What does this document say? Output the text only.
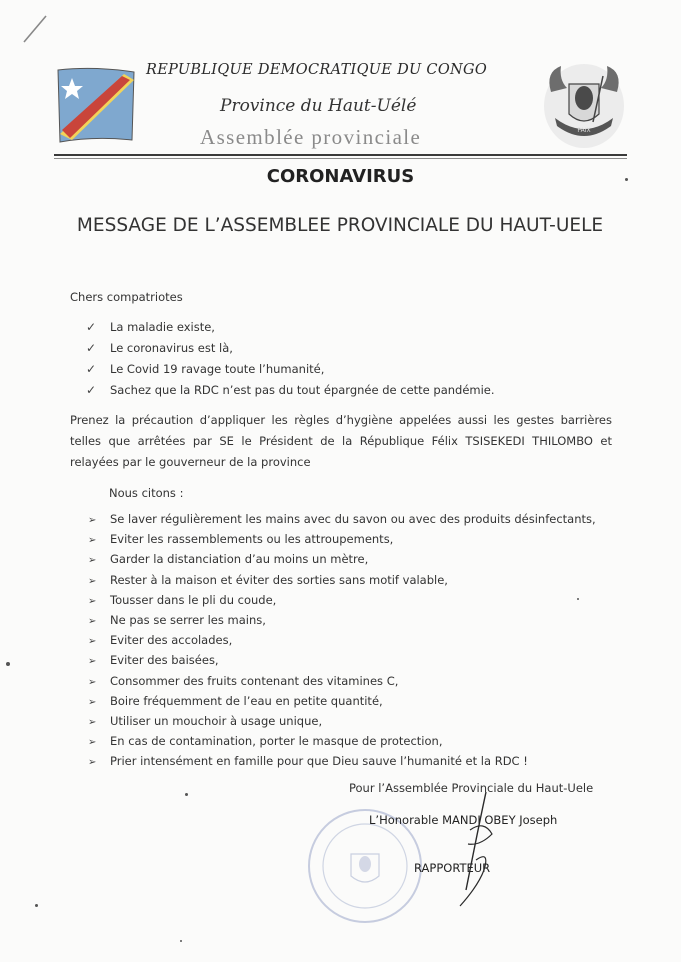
REPUBLIQUE DEMOCRATIQUE DU CONGO
Province du Haut-Uélé
Assemblée provinciale	PAIX
CORONAVIRUS
MESSAGE DE L’ASSEMBLEE PROVINCIALE DU HAUT-UELE
Chers compatriotes
✓ La maladie existe,
✓ Le coronavirus est là,
✓ Le Covid 19 ravage toute l’humanité,
✓ Sachez que la RDC n’est pas du tout épargnée de cette pandémie.
Prenez la précaution d’appliquer les règles d’hygiène appelées aussi les gestes barrières telles que arrêtées par SE le Président de la République Félix TSISEKEDI THILOMBO et relayées par le gouverneur de la province
Nous citons :
➢ Se laver régulièrement les mains avec du savon ou avec des produits désinfectants,
➢ Eviter les rassemblements ou les attroupements,
➢ Garder la distanciation d’au moins un mètre,
➢ Rester à la maison et éviter des sorties sans motif valable,
➢ Tousser dans le pli du coude,
➢ Ne pas se serrer les mains,
➢ Eviter des accolades,
➢ Eviter des baisées,
➢ Consommer des fruits contenant des vitamines C,
➢ Boire fréquemment de l’eau en petite quantité,
➢ Utiliser un mouchoir à usage unique,
➢ En cas de contamination, porter le masque de protection,
➢ Prier intensément en famille pour que Dieu sauve l’humanité et la RDC !
Pour l’Assemblée Provinciale du Haut-Uele
L’Honorable MANDI OBEY Joseph
RAPPORTEUR
